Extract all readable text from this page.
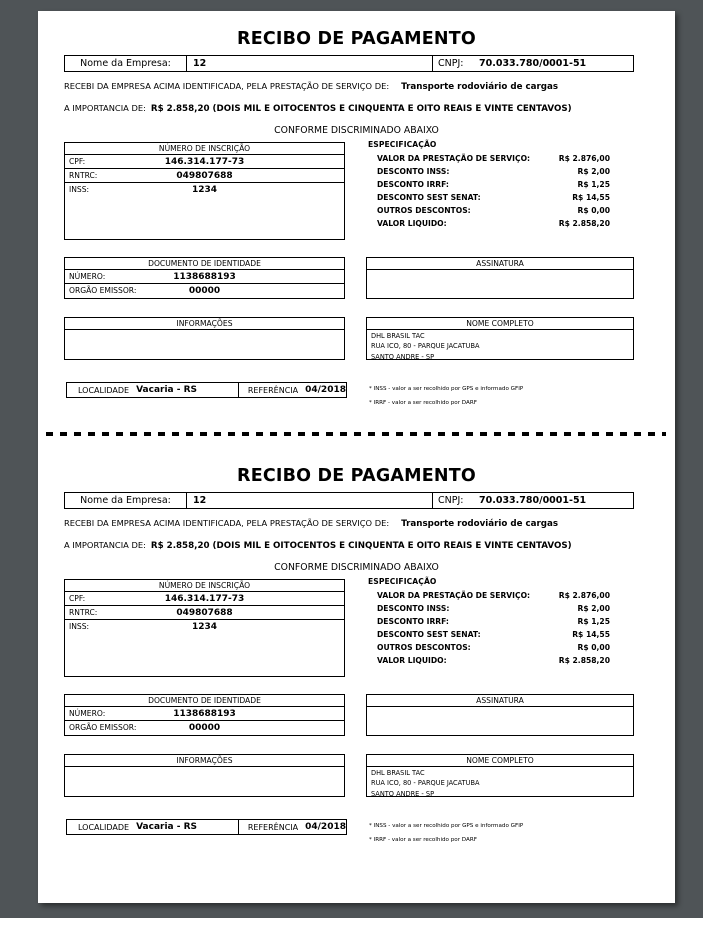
RECIBO DE PAGAMENTO
Nome da Empresa:	12	CNPJ:	70.033.780/0001-51
RECEBI DA EMPRESA ACIMA IDENTIFICADA, PELA PRESTAÇÃO DE SERVIÇO DE: Transporte rodoviário de cargas
A IMPORTANCIA DE: R$ 2.858,20 (DOIS MIL E OITOCENTOS E CINQUENTA E OITO REAIS E VINTE CENTAVOS)
CONFORME DISCRIMINADO ABAIXO
NÚMERO DE INSCRIÇÃO
CPF:	146.314.177-73
RNTRC:	049807688
INSS:	1234
ESPECIFICAÇÃO
VALOR DA PRESTAÇÃO DE SERVIÇO:	R$ 2.876,00
DESCONTO INSS:	R$ 2,00
DESCONTO IRRF:	R$ 1,25
DESCONTO SEST SENAT:	R$ 14,55
OUTROS DESCONTOS:	R$ 0,00
VALOR LIQUIDO:	R$ 2.858,20
DOCUMENTO DE IDENTIDADE
NÚMERO:	1138688193
ORGÃO EMISSOR:	00000
ASSINATURA
INFORMAÇÕES	NOME COMPLETO
DHL BRASIL TAC
RUA ICO, 80 - PARQUE JACATUBA
SANTO ANDRE - SP
LOCALIDADE Vacaria - RS	REFERÊNCIA 04/2018	* INSS - valor a ser recolhido por GPS e informado GFIP
* IRRF - valor a ser recolhido por DARF
RECIBO DE PAGAMENTO
Nome da Empresa:	12	CNPJ:	70.033.780/0001-51
RECEBI DA EMPRESA ACIMA IDENTIFICADA, PELA PRESTAÇÃO DE SERVIÇO DE: Transporte rodoviário de cargas
A IMPORTANCIA DE: R$ 2.858,20 (DOIS MIL E OITOCENTOS E CINQUENTA E OITO REAIS E VINTE CENTAVOS)
CONFORME DISCRIMINADO ABAIXO
NÚMERO DE INSCRIÇÃO
CPF:	146.314.177-73
RNTRC:	049807688
INSS:	1234
ESPECIFICAÇÃO
VALOR DA PRESTAÇÃO DE SERVIÇO:	R$ 2.876,00
DESCONTO INSS:	R$ 2,00
DESCONTO IRRF:	R$ 1,25
DESCONTO SEST SENAT:	R$ 14,55
OUTROS DESCONTOS:	R$ 0,00
VALOR LIQUIDO:	R$ 2.858,20
DOCUMENTO DE IDENTIDADE
NÚMERO:	1138688193
ORGÃO EMISSOR:	00000
ASSINATURA
INFORMAÇÕES	NOME COMPLETO
DHL BRASIL TAC
RUA ICO, 80 - PARQUE JACATUBA
SANTO ANDRE - SP
LOCALIDADE Vacaria - RS	REFERÊNCIA 04/2018	* INSS - valor a ser recolhido por GPS e informado GFIP
* IRRF - valor a ser recolhido por DARF
